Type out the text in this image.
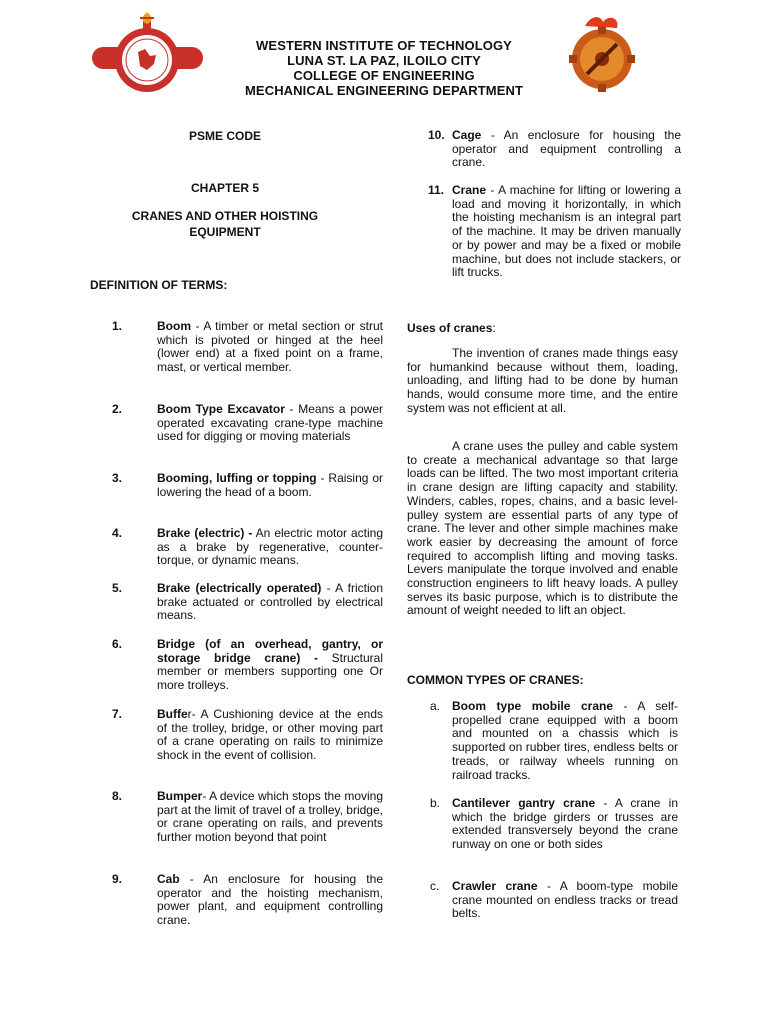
WESTERN INSTITUTE OF TECHNOLOGY
LUNA ST. LA PAZ, ILOILO CITY
COLLEGE OF ENGINEERING
MECHANICAL ENGINEERING DEPARTMENT
PSME CODE
CHAPTER 5
CRANES AND OTHER HOISTING
EQUIPMENT
DEFINITION OF TERMS:
1.	Boom - A timber or metal section or strut which is pivoted or hinged at the heel (lower end) at a fixed point on a frame, mast, or vertical member.
2.	Boom Type Excavator - Means a power operated excavating crane-type machine used for digging or moving materials
3.	Booming, luffing or topping - Raising or lowering the head of a boom.
4.	Brake (electric) - An electric motor acting as a brake by regenerative, counter-torque, or dynamic means.
5.	Brake (electrically operated) - A friction brake actuated or controlled by electrical means.
6.	Bridge (of an overhead, gantry, or storage bridge crane) - Structural member or members supporting one Or more trolleys.
7.	Buffer- A Cushioning device at the ends of the trolley, bridge, or other moving part of a crane operating on rails to minimize shock in the event of collision.
8.	Bumper- A device which stops the moving part at the limit of travel of a trolley, bridge, or crane operating on rails, and prevents further motion beyond that point
9.	Cab - An enclosure for housing the operator and the hoisting mechanism, power plant, and equipment controlling crane.
10. Cage - An enclosure for housing the operator and equipment controlling a crane.
11. Crane - A machine for lifting or lowering a load and moving it horizontally, in which the hoisting mechanism is an integral part of the machine. It may be driven manually or by power and may be a fixed or mobile machine, but does not include stackers, or lift trucks.
Uses of cranes:
The invention of cranes made things easy for humankind because without them, loading, unloading, and lifting had to be done by human hands, would consume more time, and the entire system was not efficient at all.
A crane uses the pulley and cable system to create a mechanical advantage so that large loads can be lifted. The two most important criteria in crane design are lifting capacity and stability. Winders, cables, ropes, chains, and a basic level-pulley system are essential parts of any type of crane. The lever and other simple machines make work easier by decreasing the amount of force required to accomplish lifting and moving tasks. Levers manipulate the torque involved and enable construction engineers to lift heavy loads. A pulley serves its basic purpose, which is to distribute the amount of weight needed to lift an object.
COMMON TYPES OF CRANES:
a. Boom type mobile crane - A self-propelled crane equipped with a boom and mounted on a chassis which is supported on rubber tires, endless belts or treads, or railway wheels running on railroad tracks.
b. Cantilever gantry crane - A crane in which the bridge girders or trusses are extended transversely beyond the crane runway on one or both sides
c.	Crawler crane - A boom-type mobile crane mounted on endless tracks or tread belts.
